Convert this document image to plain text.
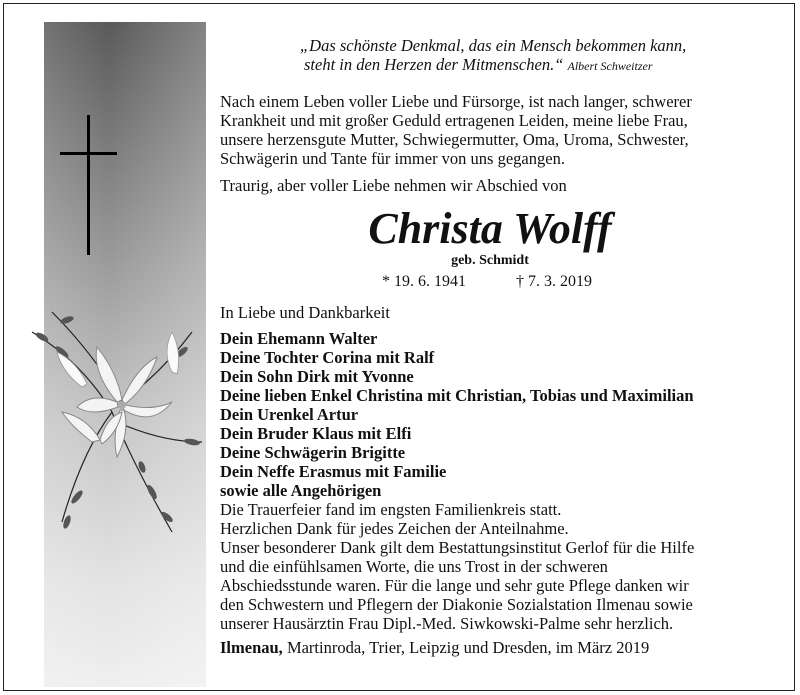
„Das schönste Denkmal, das ein Mensch bekommen kann,
steht in den Herzen der Mitmenschen.“ Albert Schweitzer
Nach einem Leben voller Liebe und Fürsorge, ist nach langer, schwerer
Krankheit und mit großer Geduld ertragenen Leiden, meine liebe Frau,
unsere herzensgute Mutter, Schwiegermutter, Oma, Uroma, Schwester,
Schwägerin und Tante für immer von uns gegangen.
Traurig, aber voller Liebe nehmen wir Abschied von
Christa Wolff
geb. Schmidt
* 19. 6. 1941	† 7. 3. 2019
In Liebe und Dankbarkeit
Dein Ehemann Walter
Deine Tochter Corina mit Ralf
Dein Sohn Dirk mit Yvonne
Deine lieben Enkel Christina mit Christian, Tobias und Maximilian
Dein Urenkel Artur
Dein Bruder Klaus mit Elfi
Deine Schwägerin Brigitte
Dein Neffe Erasmus mit Familie
sowie alle Angehörigen
Die Trauerfeier fand im engsten Familienkreis statt.
Herzlichen Dank für jedes Zeichen der Anteilnahme.
Unser besonderer Dank gilt dem Bestattungsinstitut Gerlof für die Hilfe
und die einfühlsamen Worte, die uns Trost in der schweren
Abschiedsstunde waren. Für die lange und sehr gute Pflege danken wir
den Schwestern und Pflegern der Diakonie Sozialstation Ilmenau sowie
unserer Hausärztin Frau Dipl.-Med. Siwkowski-Palme sehr herzlich.
Ilmenau, Martinroda, Trier, Leipzig und Dresden, im März 2019
